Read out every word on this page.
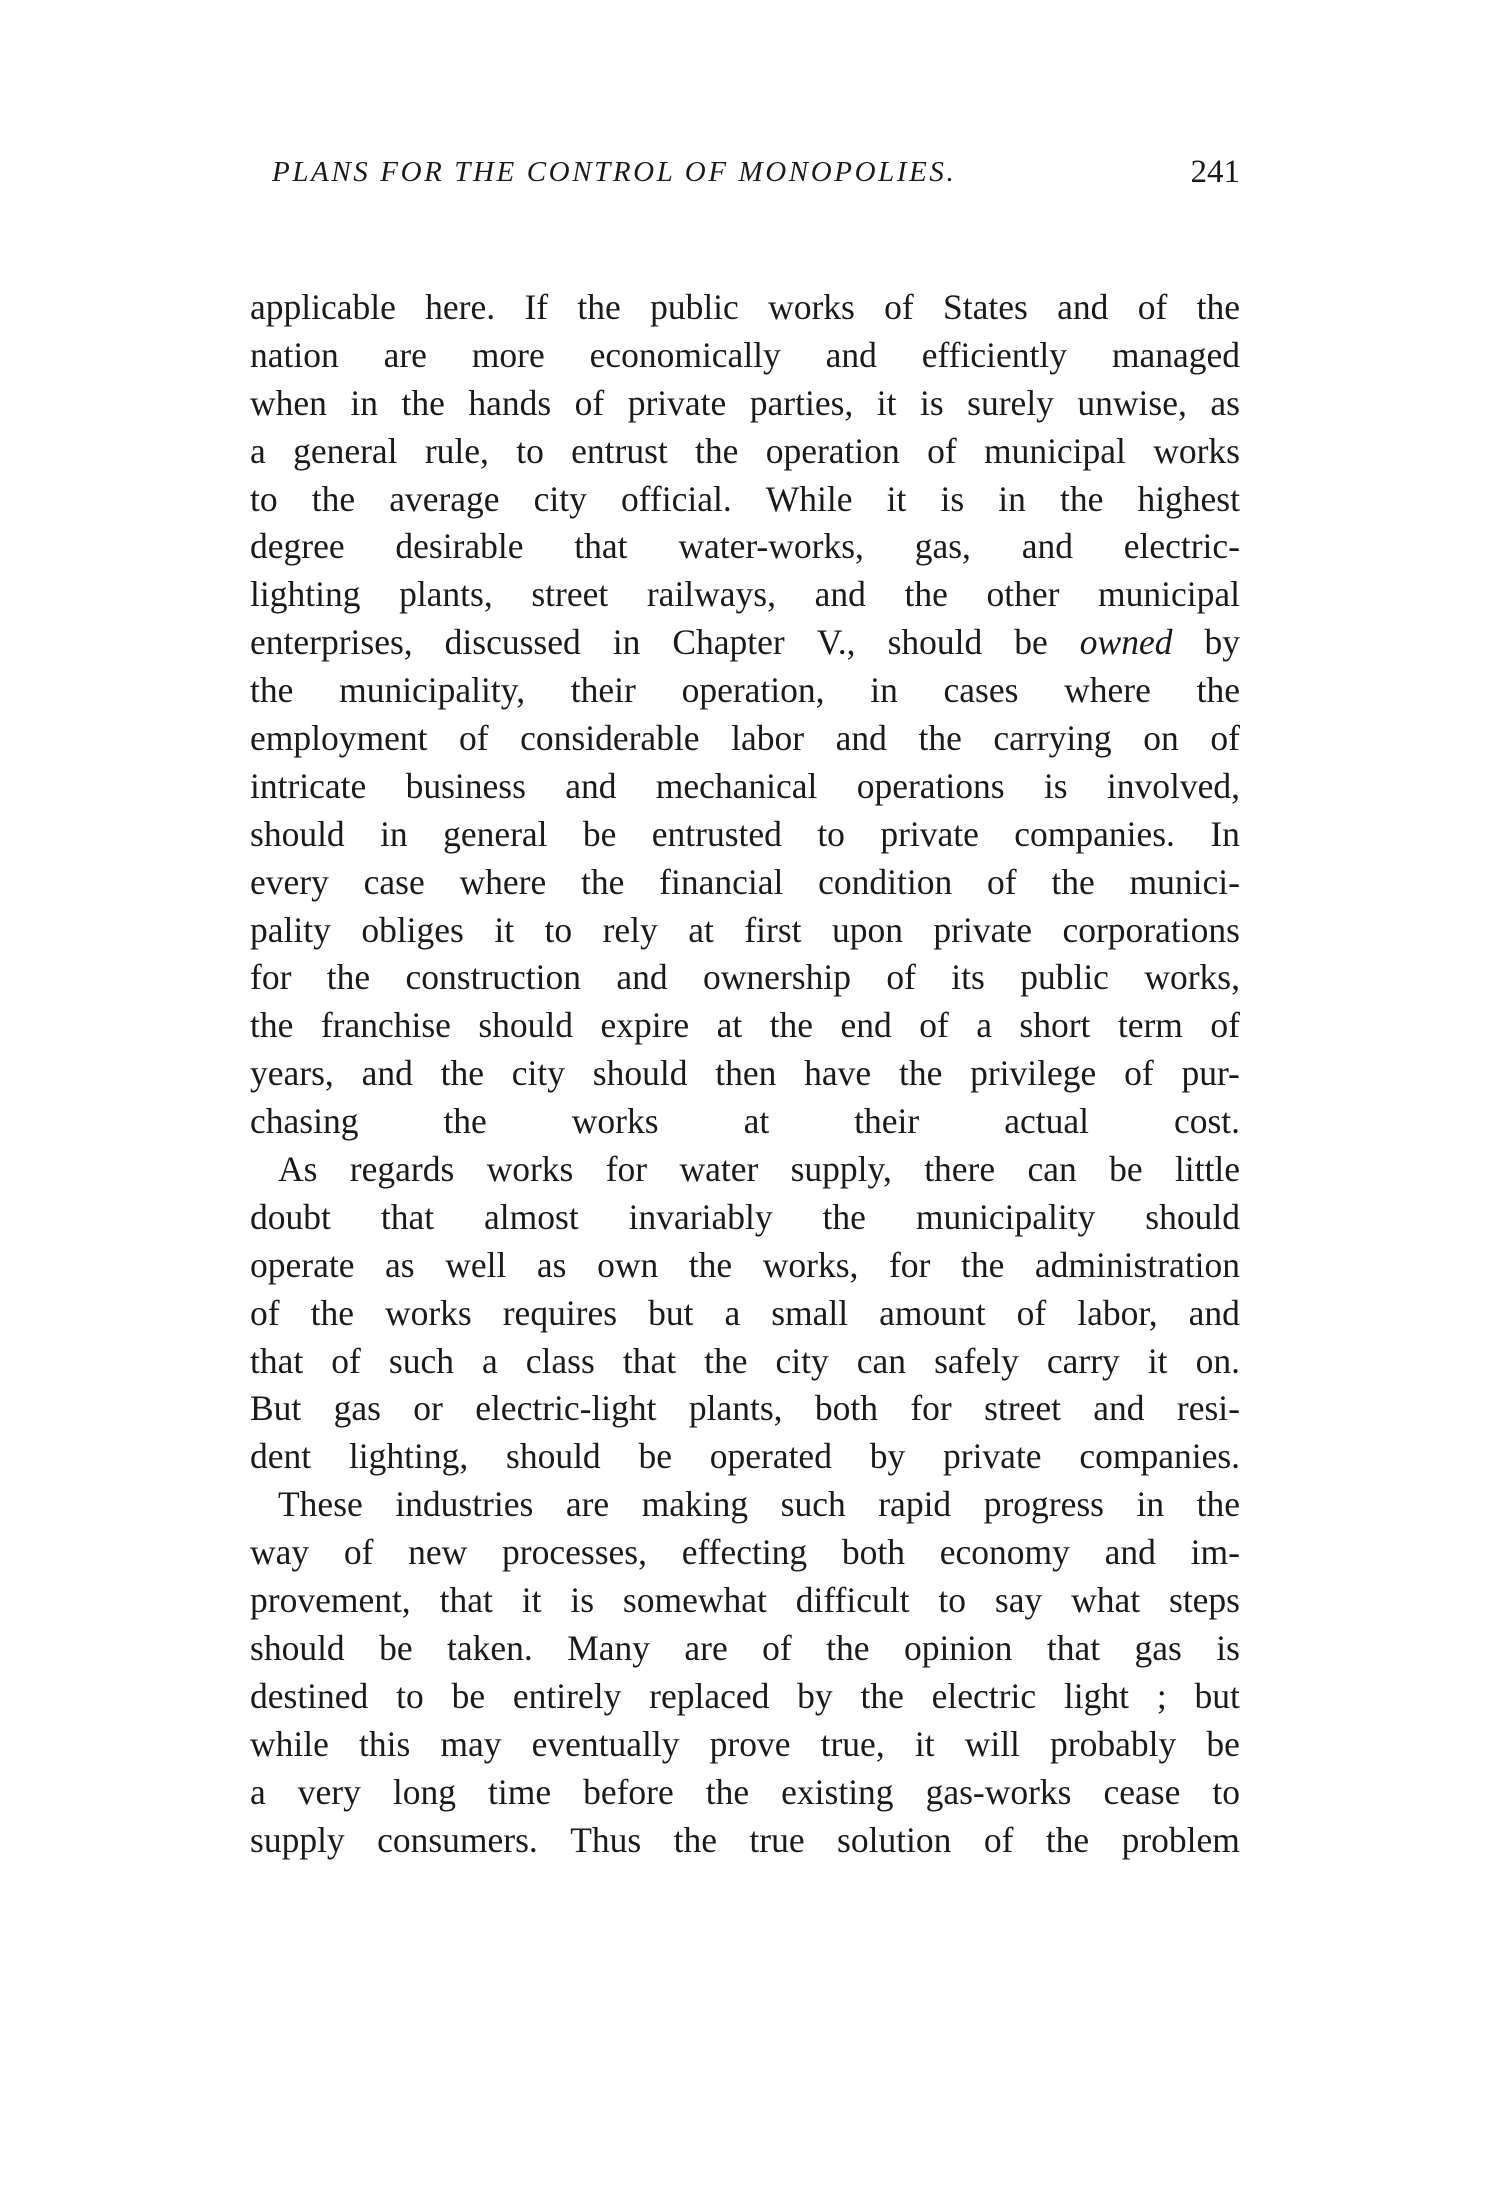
PLANS FOR THE CONTROL OF MONOPOLIES.	241
applicable here. If the public works of States and of the
nation are more economically and efficiently managed
when in the hands of private parties, it is surely unwise, as
a general rule, to entrust the operation of municipal works
to the average city official. While it is in the highest
degree desirable that water-works, gas, and electric-
lighting plants, street railways, and the other municipal
enterprises, discussed in Chapter V., should be owned by
the municipality, their operation, in cases where the
employment of considerable labor and the carrying on of
intricate business and mechanical operations is involved,
should in general be entrusted to private companies. In
every case where the financial condition of the munici-
pality obliges it to rely at first upon private corporations
for the construction and ownership of its public works,
the franchise should expire at the end of a short term of
years, and the city should then have the privilege of pur-
chasing the works at their actual cost.
As regards works for water supply, there can be little
doubt that almost invariably the municipality should
operate as well as own the works, for the administration
of the works requires but a small amount of labor, and
that of such a class that the city can safely carry it on.
But gas or electric-light plants, both for street and resi-
dent lighting, should be operated by private companies.
These industries are making such rapid progress in the
way of new processes, effecting both economy and im-
provement, that it is somewhat difficult to say what steps
should be taken. Many are of the opinion that gas is
destined to be entirely replaced by the electric light ; but
while this may eventually prove true, it will probably be
a very long time before the existing gas-works cease to
supply consumers. Thus the true solution of the problem
